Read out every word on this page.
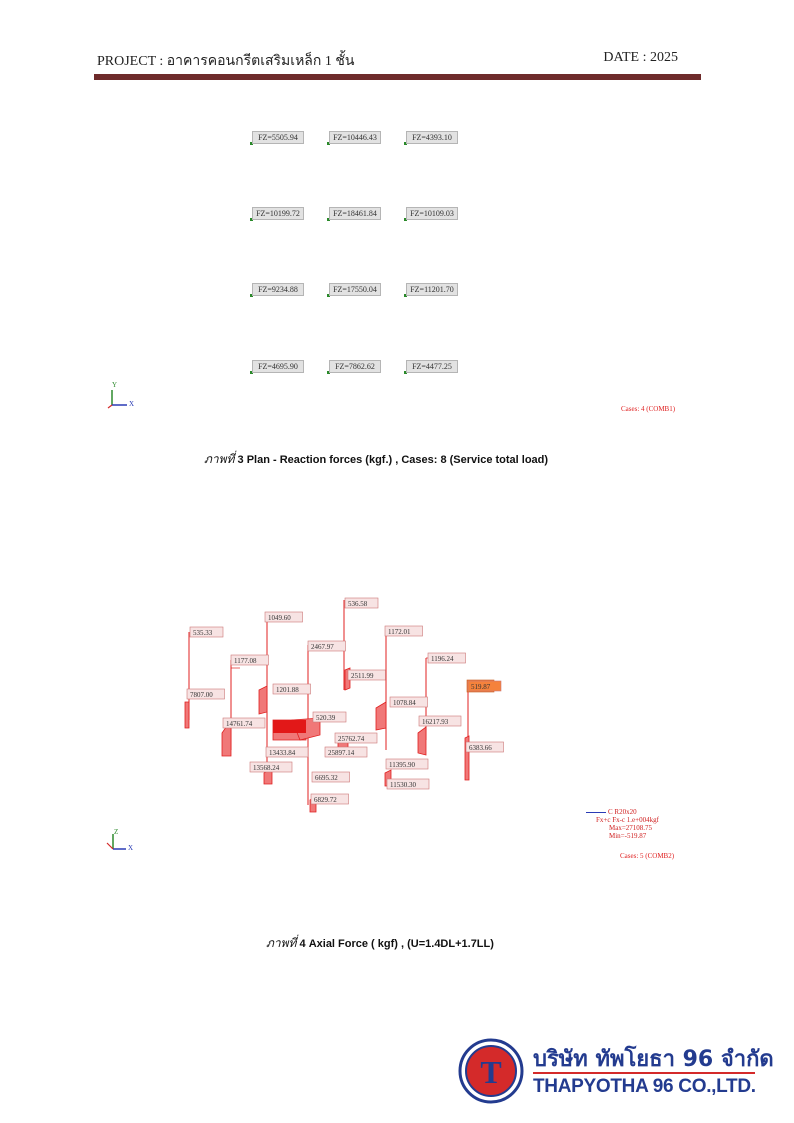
PROJECT : อาคารคอนกรีตเสริมเหล็ก 1 ชั้น	DATE : 2025
FZ=5505.94	FZ=10446.43	FZ=4393.10
FZ=10199.72	FZ=18461.84	FZ=10109.03
FZ=9234.88	FZ=17550.04	FZ=11201.70
FZ=4695.90	FZ=7862.62	FZ=4477.25
Y
X
Cases: 4 (COMB1)
ภาพที่ 3 Plan - Reaction forces (kgf.) , Cases: 8 (Service total load)
536.58
535.33
1049.60
1172.01
1177.08
2467.97
1196.24
2511.99
7807.00
1201.88	519.87
1078.84
520.39	16217.93
14761.74
25762.74
13433.84	25897.14
6383.66
13568.24	11395.90
6695.32
11530.30
6829.72
Z
X
C R20x20
Fx+c Fx-c 1.e+004kgf
Max=27108.75
Min=-519.87
Cases: 5 (COMB2)
ภาพที่ 4 Axial Force ( kgf) , (U=1.4DL+1.7LL)
T บริษัท ทัพโยธา 96 จำกัด
THAPYOTHA 96 CO.,LTD.
